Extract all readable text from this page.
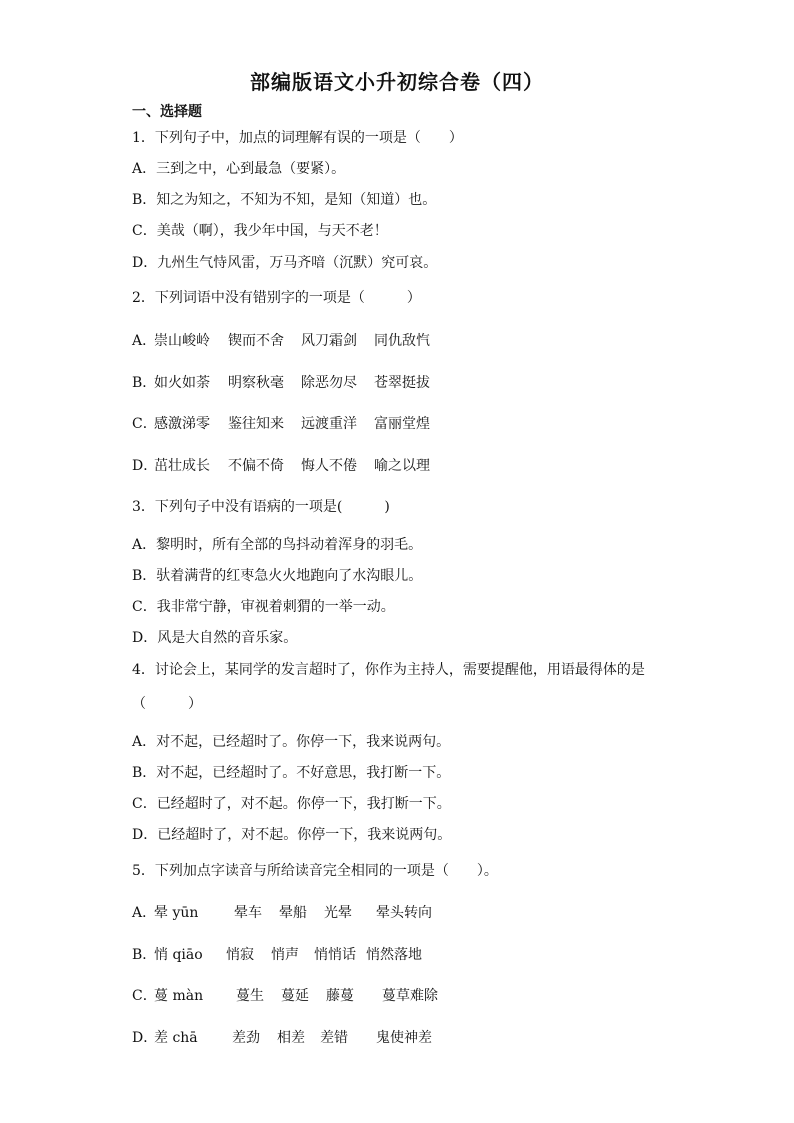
部编版语文小升初综合卷（四）
一、选择题
1．下列句子中，加点的词理解有误的一项是（　　）
A．三到之中，心到最急（要紧）。
B．知之为知之，不知为不知，是知（知道）也。
C．美哉（啊），我少年中国，与天不老！
D．九州生气恃风雷，万马齐喑（沉默）究可哀。
2．下列词语中没有错别字的一项是（　　　）
A．崇山峻岭 锲而不舍 风刀霜剑 同仇敌忾
B．如火如荼 明察秋毫 除恶勿尽 苍翠挺拔
C．感激涕零 鉴往知来 远渡重洋 富丽堂煌
D．茁壮成长 不偏不倚 悔人不倦 喻之以理
3．下列句子中没有语病的一项是(　　　)
A．黎明时，所有全部的鸟抖动着浑身的羽毛。
B．驮着满背的红枣急火火地跑向了水沟眼儿。
C．我非常宁静，审视着刺猬的一举一动。
D．风是大自然的音乐家。
4．讨论会上，某同学的发言超时了，你作为主持人，需要提醒他，用语最得体的是
（　　　）
A．对不起，已经超时了。你停一下，我来说两句。
B．对不起，已经超时了。不好意思，我打断一下。
C．已经超时了，对不起。你停一下，我打断一下。
D．已经超时了，对不起。你停一下，我来说两句。
5．下列加点字读音与所给读音完全相同的一项是（　　）。
A．晕 yūn	晕车 晕船 光晕 晕头转向
B．悄 qiāo 悄寂 悄声 悄悄话 悄然落地
C．蔓 màn 蔓生 蔓延 藤蔓 蔓草难除
D．差 chā 差劲 相差 差错 鬼使神差
